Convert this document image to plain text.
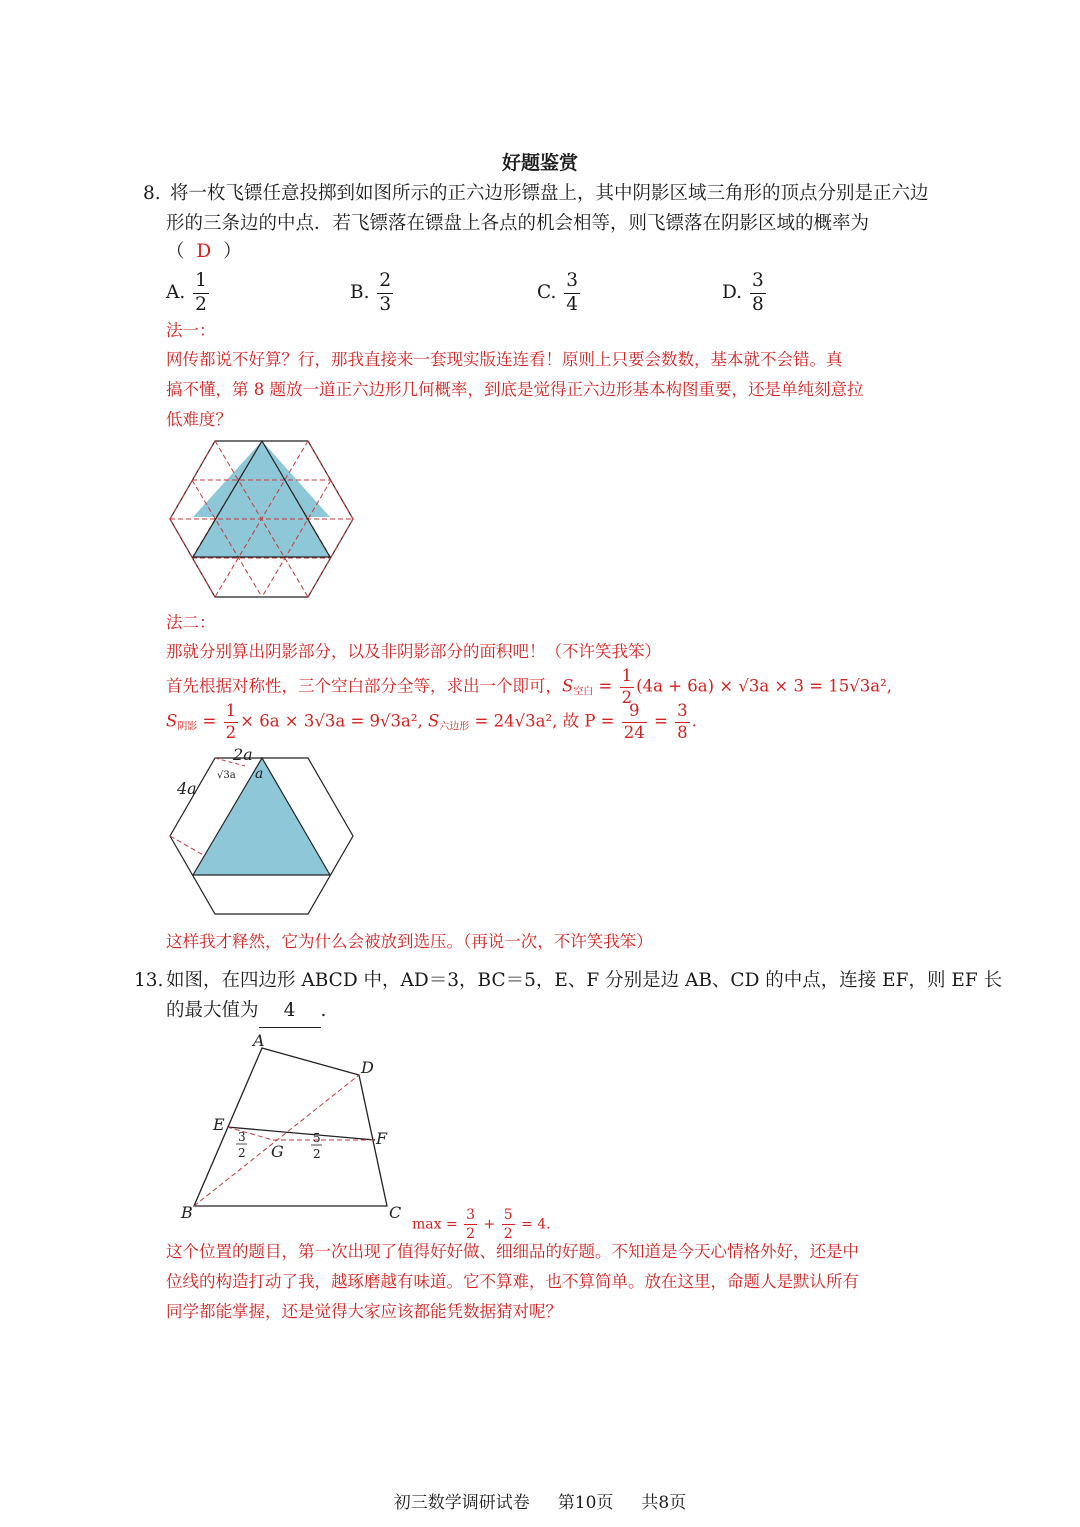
好题鉴赏
8. 将一枚飞镖任意投掷到如图所示的正六边形镖盘上，其中阴影区域三角形的顶点分别是正六边
形的三条边的中点．若飞镖落在镖盘上各点的机会相等，则飞镖落在阴影区域的概率为
（ D ）
A. $\frac{1}{2}$	B. $\frac{2}{3}$	C. $\frac{3}{4}$	D. $\frac{3}{8}$
法一：
网传都说不好算？行，那我直接来一套现实版连连看！原则上只要会数数，基本就不会错。真
搞不懂，第 8 题放一道正六边形几何概率，到底是觉得正六边形基本构图重要，还是单纯刻意拉
低难度？
法二：
那就分别算出阴影部分，以及非阴影部分的面积吧！（不许笑我笨）
首先根据对称性，三个空白部分全等，求出一个即可，$S_{空白} = \frac{1}{2} (4a + 6a) \times √3a \times 3 = 15√3a^2$,
$S_{阴影} = \frac{1}{2} \times 6a \times 3√3a = 9√3a^2$, $S_{六边形} = 24√3a^2$, 故 $P = \frac{9}{24} = \frac{3}{8}$ .
2a
4a
√3a a
这样我才释然，它为什么会被放到选压。（再说一次，不许笑我笨）
13. 如图，在四边形 ABCD 中，AD＝3，BC＝5，E、F 分别是边 AB、CD 的中点，连接 EF，则 EF 长
的最大值为 4 .
A
D
E
F
G
B	C
3
2
5
2
$\max = \frac{3}{2} + \frac{5}{2} = 4$.
这个位置的题目，第一次出现了值得好好做、细细品的好题。不知道是今天心情格外好，还是中
位线的构造打动了我，越琢磨越有味道。它不算难，也不算简单。放在这里，命题人是默认所有
同学都能掌握，还是觉得大家应该都能凭数据猜对呢？
初三数学调研试卷 第10页 共8页
